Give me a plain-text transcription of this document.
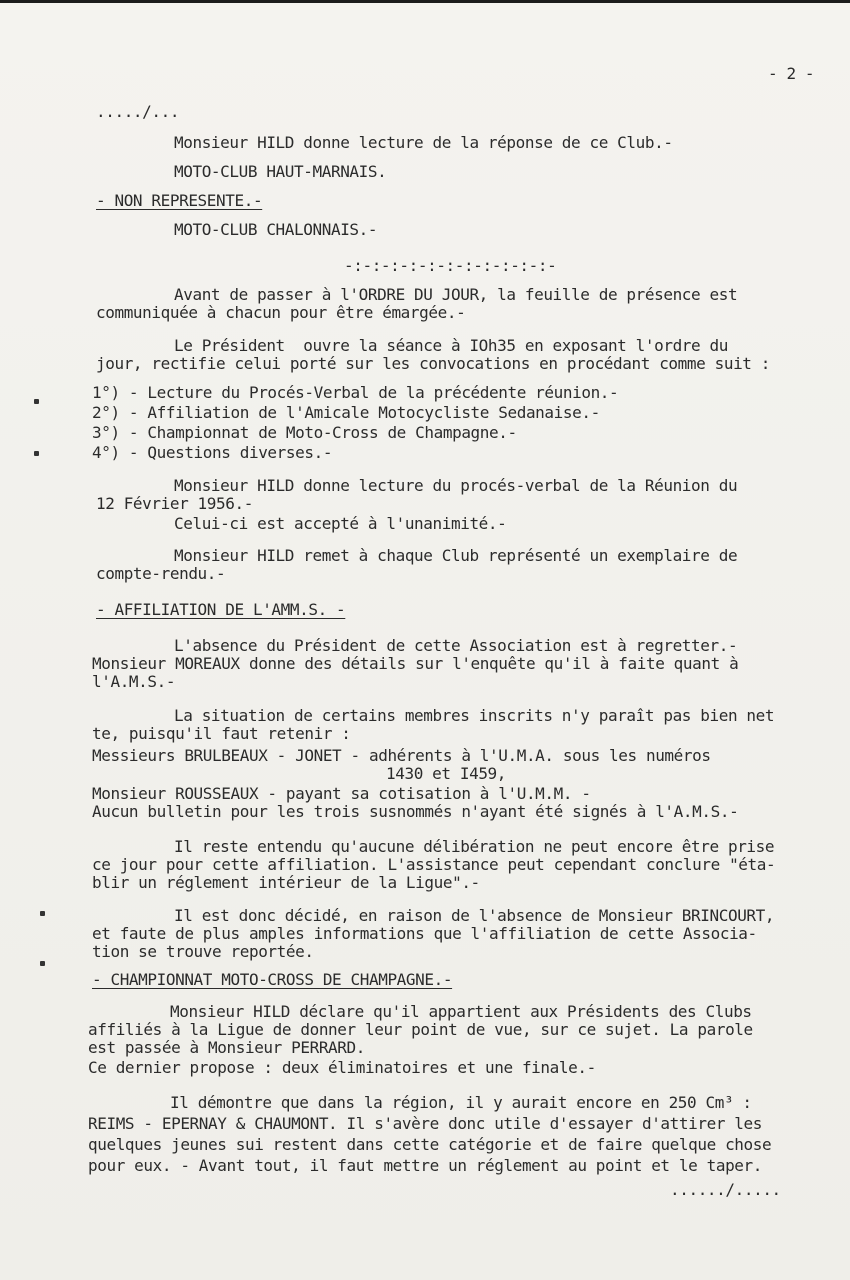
- 2 -
...../...
Monsieur HILD donne lecture de la réponse de ce Club.-
MOTO-CLUB HAUT-MARNAIS.
- NON REPRESENTE.-
MOTO-CLUB CHALONNAIS.-
-:-:-:-:-:-:-:-:-:-:-:-
Avant de passer à l'ORDRE DU JOUR, la feuille de présence est
communiquée à chacun pour être émargée.-
Le Président  ouvre la séance à IOh35 en exposant l'ordre du
jour, rectifie celui porté sur les convocations en procédant comme suit :
1°) - Lecture du Procés-Verbal de la précédente réunion.-
2°) - Affiliation de l'Amicale Motocycliste Sedanaise.-
3°) - Championnat de Moto-Cross de Champagne.-
4°) - Questions diverses.-
Monsieur HILD donne lecture du procés-verbal de la Réunion du
12 Février 1956.-
Celui-ci est accepté à l'unanimité.-
Monsieur HILD remet à chaque Club représenté un exemplaire de
compte-rendu.-
- AFFILIATION DE L'AMM.S. -
L'absence du Président de cette Association est à regretter.-
Monsieur MOREAUX donne des détails sur l'enquête qu'il à faite quant à
l'A.M.S.-
La situation de certains membres inscrits n'y paraît pas bien net
te, puisqu'il faut retenir :
Messieurs BRULBEAUX - JONET - adhérents à l'U.M.A. sous les numéros
1430 et I459,
Monsieur ROUSSEAUX - payant sa cotisation à l'U.M.M. -
Aucun bulletin pour les trois susnommés n'ayant été signés à l'A.M.S.-
Il reste entendu qu'aucune délibération ne peut encore être prise
ce jour pour cette affiliation. L'assistance peut cependant conclure "éta-
blir un réglement intérieur de la Ligue".-
Il est donc décidé, en raison de l'absence de Monsieur BRINCOURT,
et faute de plus amples informations que l'affiliation de cette Associa-
tion se trouve reportée.
- CHAMPIONNAT MOTO-CROSS DE CHAMPAGNE.-
Monsieur HILD déclare qu'il appartient aux Présidents des Clubs
affiliés à la Ligue de donner leur point de vue, sur ce sujet. La parole
est passée à Monsieur PERRARD.
Ce dernier propose : deux éliminatoires et une finale.-
Il démontre que dans la région, il y aurait encore en 250 Cm³ :
REIMS - EPERNAY & CHAUMONT. Il s'avère donc utile d'essayer d'attirer les
quelques jeunes sui restent dans cette catégorie et de faire quelque chose
pour eux. - Avant tout, il faut mettre un réglement au point et le taper.
....../.....
